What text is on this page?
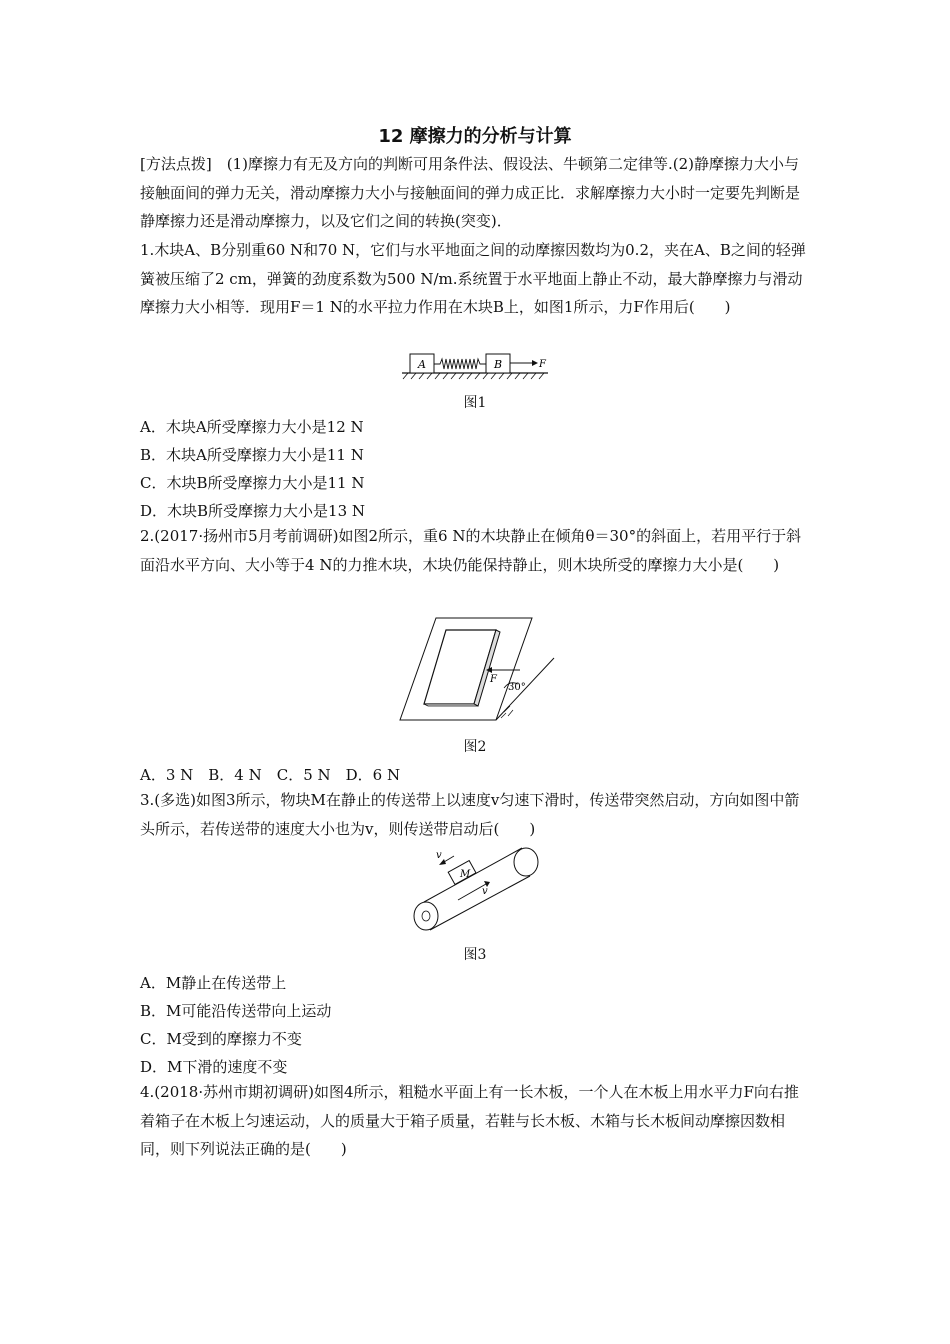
12 摩擦力的分析与计算

[方法点拨]　(1)摩擦力有无及方向的判断可用条件法、假设法、牛顿第二定律等.(2)静摩擦力大小与接触面间的弹力无关，滑动摩擦力大小与接触面间的弹力成正比．求解摩擦力大小时一定要先判断是静摩擦力还是滑动摩擦力，以及它们之间的转换(突变)．

1.木块A、B分别重60 N和70 N，它们与水平地面之间的动摩擦因数均为0.2，夹在A、B之间的轻弹簧被压缩了2 cm，弹簧的劲度系数为500 N/m.系统置于水平地面上静止不动，最大静摩擦力与滑动摩擦力大小相等．现用F＝1 N的水平拉力作用在木块B上，如图1所示，力F作用后(　　)

A	B	F
图1
A．木块A所受摩擦力大小是12 N
B．木块A所受摩擦力大小是11 N
C．木块B所受摩擦力大小是11 N
D．木块B所受摩擦力大小是13 N

2.(2017·扬州市5月考前调研)如图2所示，重6 N的木块静止在倾角θ＝30°的斜面上，若用平行于斜面沿水平方向、大小等于4 N的力推木块，木块仍能保持静止，则木块所受的摩擦力大小是(　　)

F
30°
图2
A．3 N　B．4 N　C．5 N　D．6 N

3.(多选)如图3所示，物块M在静止的传送带上以速度v匀速下滑时，传送带突然启动，方向如图中箭头所示，若传送带的速度大小也为v，则传送带启动后(　　)

M
v
v
图3
A．M静止在传送带上
B．M可能沿传送带向上运动
C．M受到的摩擦力不变
D．M下滑的速度不变

4.(2018·苏州市期初调研)如图4所示，粗糙水平面上有一长木板，一个人在木板上用水平力F向右推着箱子在木板上匀速运动，人的质量大于箱子质量，若鞋与长木板、木箱与长木板间动摩擦因数相同，则下列说法正确的是(　　)
